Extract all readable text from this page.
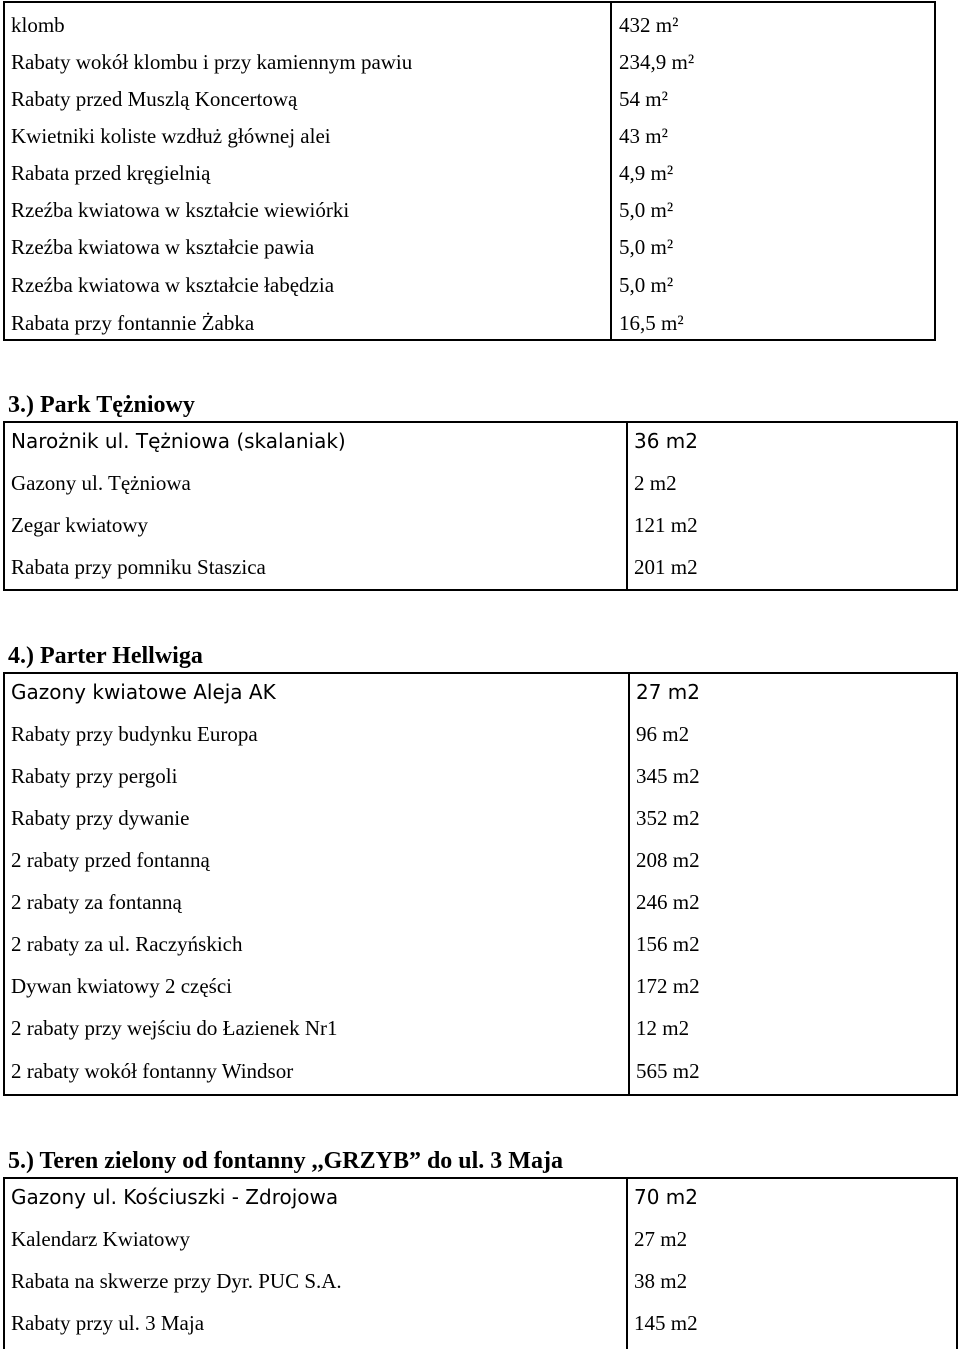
klomb	432 m²
Rabaty wokół klombu i przy kamiennym pawiu	234,9 m²
Rabaty przed Muszlą Koncertową	54 m²
Kwietniki koliste wzdłuż głównej alei	43 m²
Rabata przed kręgielnią	4,9 m²
Rzeźba kwiatowa w kształcie wiewiórki	5,0 m²
Rzeźba kwiatowa w kształcie pawia	5,0 m²
Rzeźba kwiatowa w kształcie łabędzia	5,0 m²
Rabata przy fontannie Żabka	16,5 m²
3.) Park Tężniowy
Narożnik ul. Tężniowa (skalaniak)	36 m2
Gazony ul. Tężniowa	2 m2
Zegar kwiatowy	121 m2
Rabata przy pomniku Staszica	201 m2
4.) Parter Hellwiga
Gazony kwiatowe Aleja AK	27 m2
Rabaty przy budynku Europa	96 m2
Rabaty przy pergoli	345 m2
Rabaty przy dywanie	352 m2
2 rabaty przed fontanną	208 m2
2 rabaty za fontanną	246 m2
2 rabaty za ul. Raczyńskich	156 m2
Dywan kwiatowy 2 części	172 m2
2 rabaty przy wejściu do Łazienek Nr1	12 m2
2 rabaty wokół fontanny Windsor	565 m2
5.) Teren zielony od fontanny ,,GRZYB” do ul. 3 Maja
Gazony ul. Kościuszki - Zdrojowa	70 m2
Kalendarz Kwiatowy	27 m2
Rabata na skwerze przy Dyr. PUC S.A.	38 m2
Rabaty przy ul. 3 Maja	145 m2
